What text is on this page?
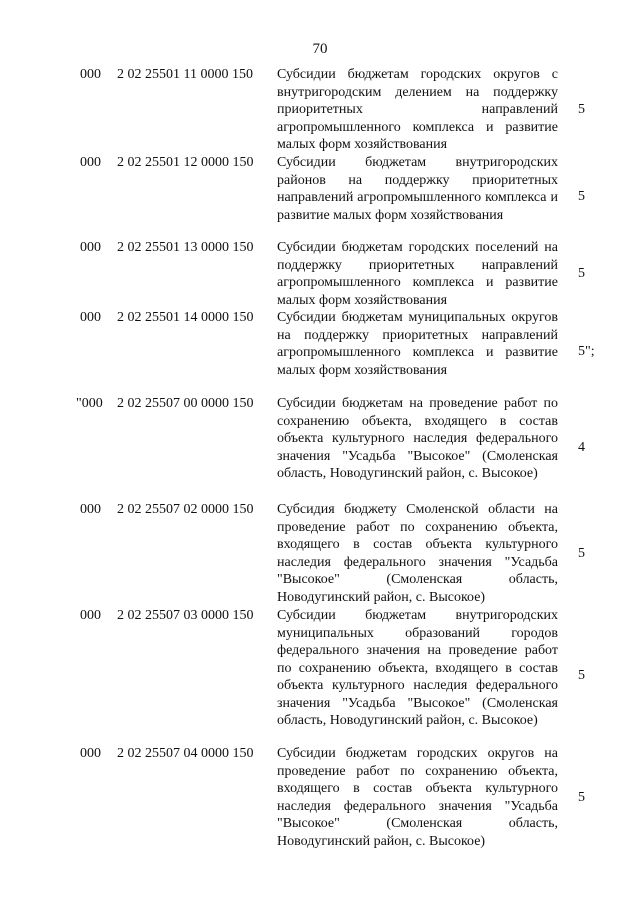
70
000 2 02 25501 11 0000 150	Субсидии бюджетам городских округов с внутригородским делением на поддержку приоритетных направлений агропромышленного комплекса и развитие малых форм хозяйствования
5
000 2 02 25501 12 0000 150	Субсидии бюджетам внутригородских районов на поддержку приоритетных направлений агропромышленного комплекса и развитие малых форм хозяйствования
5
000 2 02 25501 13 0000 150	Субсидии бюджетам городских поселений на поддержку приоритетных направлений агропромышленного комплекса и развитие малых форм хозяйствования
5
000 2 02 25501 14 0000 150	Субсидии бюджетам муниципальных округов на поддержку приоритетных направлений агропромышленного комплекса и развитие малых форм хозяйствования
5";
"000 2 02 25507 00 0000 150	Субсидии бюджетам на проведение работ по сохранению объекта, входящего в состав объекта культурного наследия федерального значения "Усадьба "Высокое" (Смоленская область, Новодугинский район, с. Высокое)
4
000 2 02 25507 02 0000 150	Субсидия бюджету Смоленской области на проведение работ по сохранению объекта, входящего в состав объекта культурного наследия федерального значения "Усадьба "Высокое" (Смоленская область, Новодугинский район, с. Высокое)
5
000 2 02 25507 03 0000 150	Субсидии бюджетам внутригородских муниципальных образований городов федерального значения на проведение работ по сохранению объекта, входящего в состав объекта культурного наследия федерального значения "Усадьба "Высокое" (Смоленская область, Новодугинский район, с. Высокое)
5
000 2 02 25507 04 0000 150	Субсидии бюджетам городских округов на проведение работ по сохранению объекта, входящего в состав объекта культурного наследия федерального значения "Усадьба "Высокое" (Смоленская область, Новодугинский район, с. Высокое)
5
